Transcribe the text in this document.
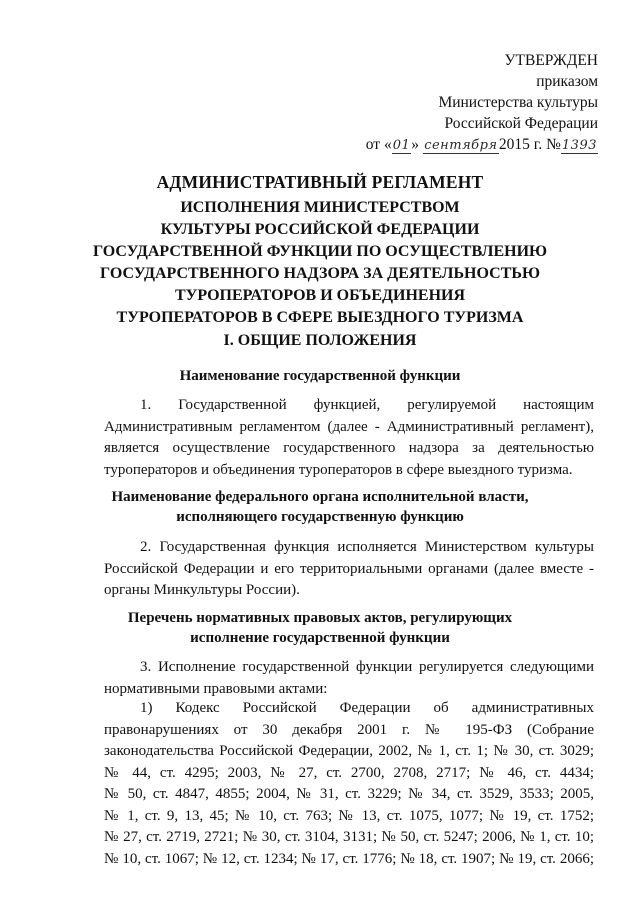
УТВЕРЖДЕН
приказом
Министерства культуры
Российской Федерации
от «01» сентября2015 г. №1393
АДМИНИСТРАТИВНЫЙ РЕГЛАМЕНТ
ИСПОЛНЕНИЯ МИНИСТЕРСТВОМ
КУЛЬТУРЫ РОССИЙСКОЙ ФЕДЕРАЦИИ
ГОСУДАРСТВЕННОЙ ФУНКЦИИ ПО ОСУЩЕСТВЛЕНИЮ
ГОСУДАРСТВЕННОГО НАДЗОРА ЗА ДЕЯТЕЛЬНОСТЬЮ
ТУРОПЕРАТОРОВ И ОБЪЕДИНЕНИЯ
ТУРОПЕРАТОРОВ В СФЕРЕ ВЫЕЗДНОГО ТУРИЗМА
I. ОБЩИЕ ПОЛОЖЕНИЯ
Наименование государственной функции
1. Государственной функцией, регулируемой настоящим
Административным регламентом (далее - Административный регламент),
является осуществление государственного надзора за деятельностью
туроператоров и объединения туроператоров в сфере выездного туризма.
Наименование федерального органа исполнительной власти,
исполняющего государственную функцию
2. Государственная функция исполняется Министерством культуры
Российской Федерации и его территориальными органами (далее вместе -
органы Минкультуры России).
Перечень нормативных правовых актов, регулирующих
исполнение государственной функции
3. Исполнение государственной функции регулируется следующими
нормативными правовыми актами:
1) Кодекс Российской Федерации об административных
правонарушениях от 30 декабря 2001 г. № 195-ФЗ (Собрание
законодательства Российской Федерации, 2002, № 1, ст. 1; № 30, ст. 3029;
№ 44, ст. 4295; 2003, № 27, ст. 2700, 2708, 2717; № 46, ст. 4434;
№ 50, ст. 4847, 4855; 2004, № 31, ст. 3229; № 34, ст. 3529, 3533; 2005,
№ 1, ст. 9, 13, 45; № 10, ст. 763; № 13, ст. 1075, 1077; № 19, ст. 1752;
№ 27, ст. 2719, 2721; № 30, ст. 3104, 3131; № 50, ст. 5247; 2006, № 1, ст. 10;
№ 10, ст. 1067; № 12, ст. 1234; № 17, ст. 1776; № 18, ст. 1907; № 19, ст. 2066;
